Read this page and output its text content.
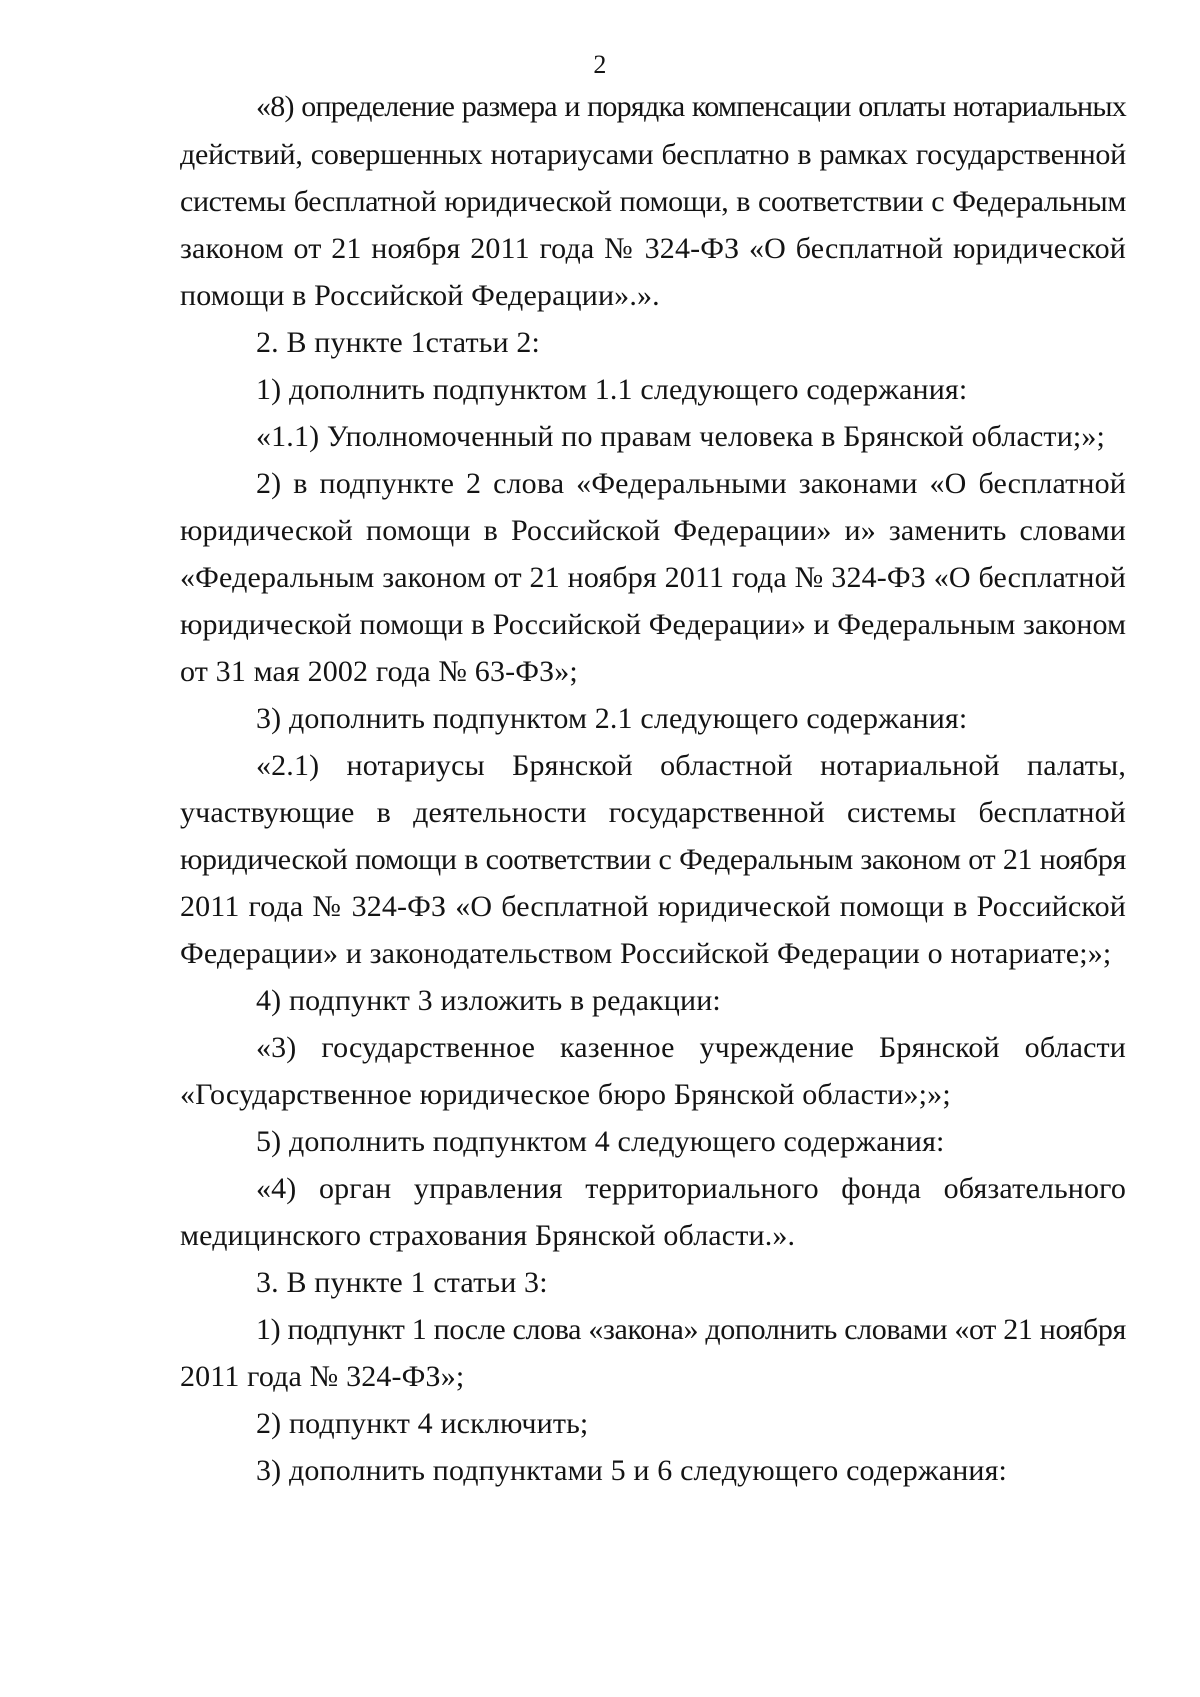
2
«8) определение размера и порядка компенсации оплаты нотариальных
действий, совершенных нотариусами бесплатно в рамках государственной
системы бесплатной юридической помощи, в соответствии с Федеральным
законом от 21 ноября 2011 года № 324-ФЗ «О бесплатной юридической
помощи в Российской Федерации».».
2. В пункте 1статьи 2:
1) дополнить подпунктом 1.1 следующего содержания:
«1.1) Уполномоченный по правам человека в Брянской области;»;
2) в подпункте 2 слова «Федеральными законами «О бесплатной
юридической помощи в Российской Федерации» и» заменить словами
«Федеральным законом от 21 ноября 2011 года № 324-ФЗ «О бесплатной
юридической помощи в Российской Федерации» и Федеральным законом
от 31 мая 2002 года № 63-ФЗ»;
3) дополнить подпунктом 2.1 следующего содержания:
«2.1) нотариусы Брянской областной нотариальной палаты,
участвующие в деятельности государственной системы бесплатной
юридической помощи в соответствии с Федеральным законом от 21 ноября
2011 года № 324-ФЗ «О бесплатной юридической помощи в Российской
Федерации» и законодательством Российской Федерации о нотариате;»;
4) подпункт 3 изложить в редакции:
«3) государственное казенное учреждение Брянской области
«Государственное юридическое бюро Брянской области»;»;
5) дополнить подпунктом 4 следующего содержания:
«4) орган управления территориального фонда обязательного
медицинского страхования Брянской области.».
3. В пункте 1 статьи 3:
1) подпункт 1 после слова «закона» дополнить словами «от 21 ноября
2011 года № 324-ФЗ»;
2) подпункт 4 исключить;
3) дополнить подпунктами 5 и 6 следующего содержания:
